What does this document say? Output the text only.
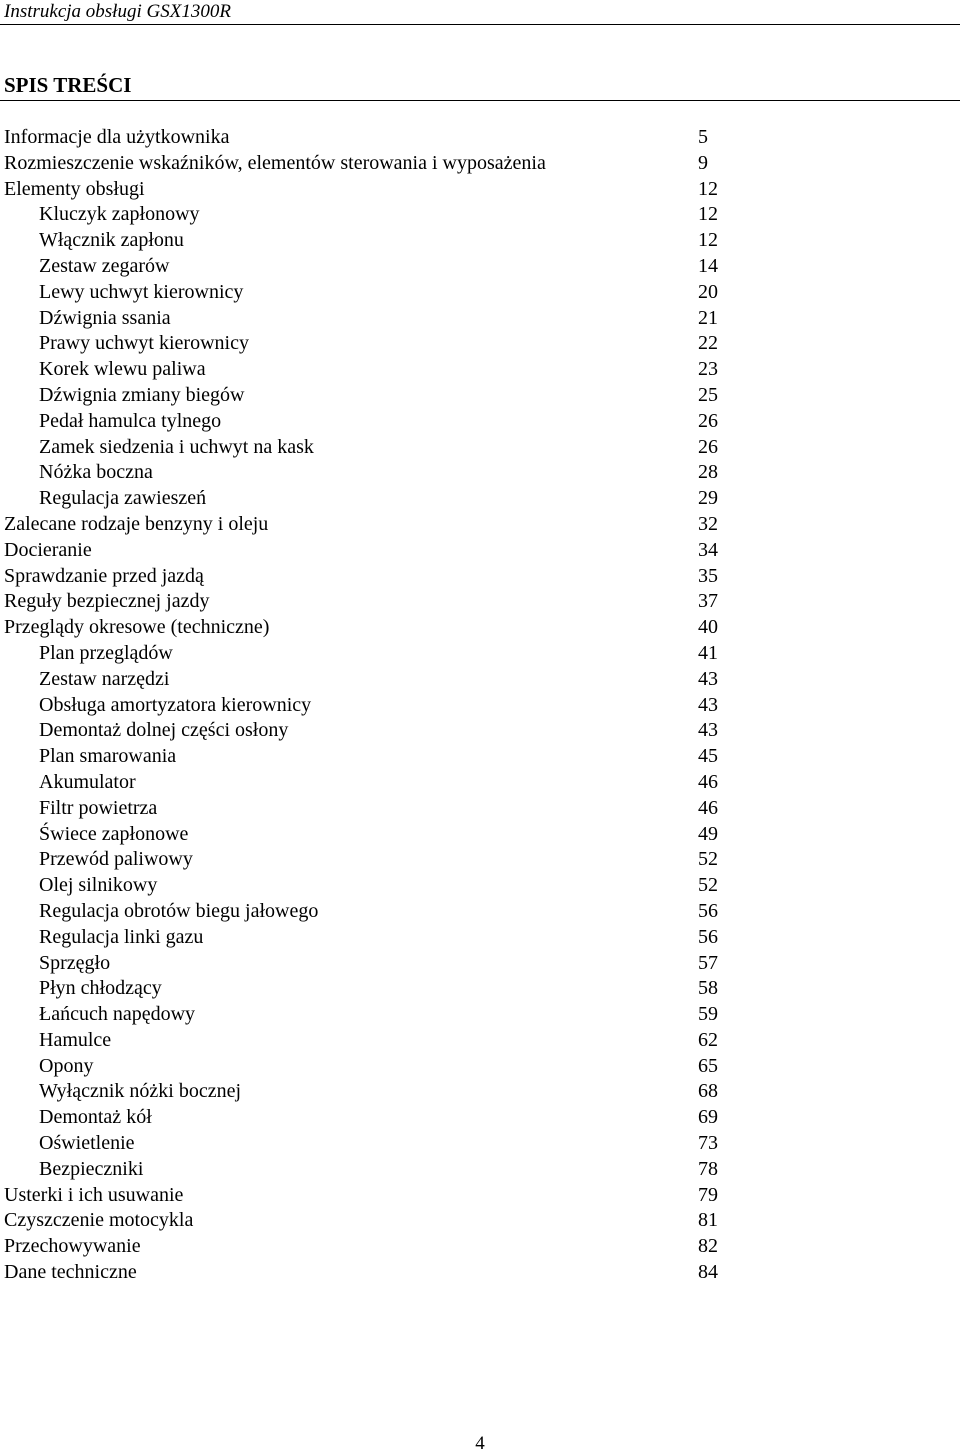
Instrukcja obsługi GSX1300R
SPIS TREŚCI
Informacje dla użytkownika	5
Rozmieszczenie wskaźników, elementów sterowania i wyposażenia	9
Elementy obsługi	12
Kluczyk zapłonowy	12
Włącznik zapłonu	12
Zestaw zegarów	14
Lewy uchwyt kierownicy	20
Dźwignia ssania	21
Prawy uchwyt kierownicy	22
Korek wlewu paliwa	23
Dźwignia zmiany biegów	25
Pedał hamulca tylnego	26
Zamek siedzenia i uchwyt na kask	26
Nóżka boczna	28
Regulacja zawieszeń	29
Zalecane rodzaje benzyny i oleju	32
Docieranie	34
Sprawdzanie przed jazdą	35
Reguły bezpiecznej jazdy	37
Przeglądy okresowe (techniczne)	40
Plan przeglądów	41
Zestaw narzędzi	43
Obsługa amortyzatora kierownicy	43
Demontaż dolnej części osłony	43
Plan smarowania	45
Akumulator	46
Filtr powietrza	46
Świece zapłonowe	49
Przewód paliwowy	52
Olej silnikowy	52
Regulacja obrotów biegu jałowego	56
Regulacja linki gazu	56
Sprzęgło	57
Płyn chłodzący	58
Łańcuch napędowy	59
Hamulce	62
Opony	65
Wyłącznik nóżki bocznej	68
Demontaż kół	69
Oświetlenie	73
Bezpieczniki	78
Usterki i ich usuwanie	79
Czyszczenie motocykla	81
Przechowywanie	82
Dane techniczne	84
4
